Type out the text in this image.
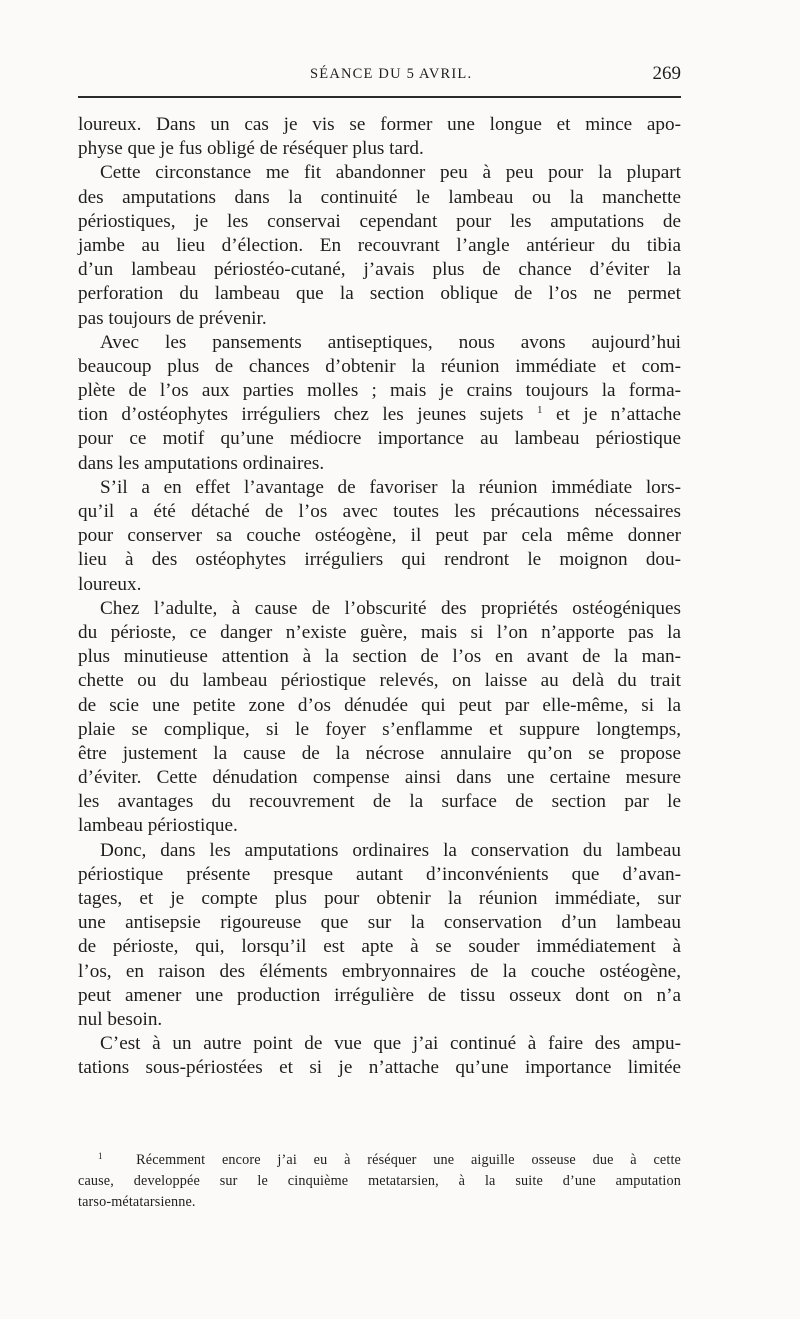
SÉANCE DU 5 AVRIL.	269
loureux. Dans un cas je vis se former une longue et mince apo-
physe que je fus obligé de réséquer plus tard.
Cette circonstance me fit abandonner peu à peu pour la plupart
des amputations dans la continuité le lambeau ou la manchette
périostiques, je les conservai cependant pour les amputations de
jambe au lieu d’élection. En recouvrant l’angle antérieur du tibia
d’un lambeau périostéo-cutané, j’avais plus de chance d’éviter la
perforation du lambeau que la section oblique de l’os ne permet
pas toujours de prévenir.
Avec les pansements antiseptiques, nous avons aujourd’hui
beaucoup plus de chances d’obtenir la réunion immédiate et com-
plète de l’os aux parties molles ; mais je crains toujours la forma-
tion d’ostéophytes irréguliers chez les jeunes sujets $^1$ et je n’attache
pour ce motif qu’une médiocre importance au lambeau périostique
dans les amputations ordinaires.
S’il a en effet l’avantage de favoriser la réunion immédiate lors-
qu’il a été détaché de l’os avec toutes les précautions nécessaires
pour conserver sa couche ostéogène, il peut par cela même donner
lieu à des ostéophytes irréguliers qui rendront le moignon dou-
loureux.
Chez l’adulte, à cause de l’obscurité des propriétés ostéogéniques
du périoste, ce danger n’existe guère, mais si l’on n’apporte pas la
plus minutieuse attention à la section de l’os en avant de la man-
chette ou du lambeau périostique relevés, on laisse au delà du trait
de scie une petite zone d’os dénudée qui peut par elle-même, si la
plaie se complique, si le foyer s’enflamme et suppure longtemps,
être justement la cause de la nécrose annulaire qu’on se propose
d’éviter. Cette dénudation compense ainsi dans une certaine mesure
les avantages du recouvrement de la surface de section par le
lambeau périostique.
Donc, dans les amputations ordinaires la conservation du lambeau
périostique présente presque autant d’inconvénients que d’avan-
tages, et je compte plus pour obtenir la réunion immédiate, sur
une antisepsie rigoureuse que sur la conservation d’un lambeau
de périoste, qui, lorsqu’il est apte à se souder immédiatement à
l’os, en raison des éléments embryonnaires de la couche ostéogène,
peut amener une production irrégulière de tissu osseux dont on n’a
nul besoin.
C’est à un autre point de vue que j’ai continué à faire des ampu-
tations sous-périostées et si je n’attache qu’une importance limitée
$^1$ Récemment encore j’ai eu à réséquer une aiguille osseuse due à cette
cause, developpée sur le cinquième metatarsien, à la suite d’une amputation
tarso-métatarsienne.
